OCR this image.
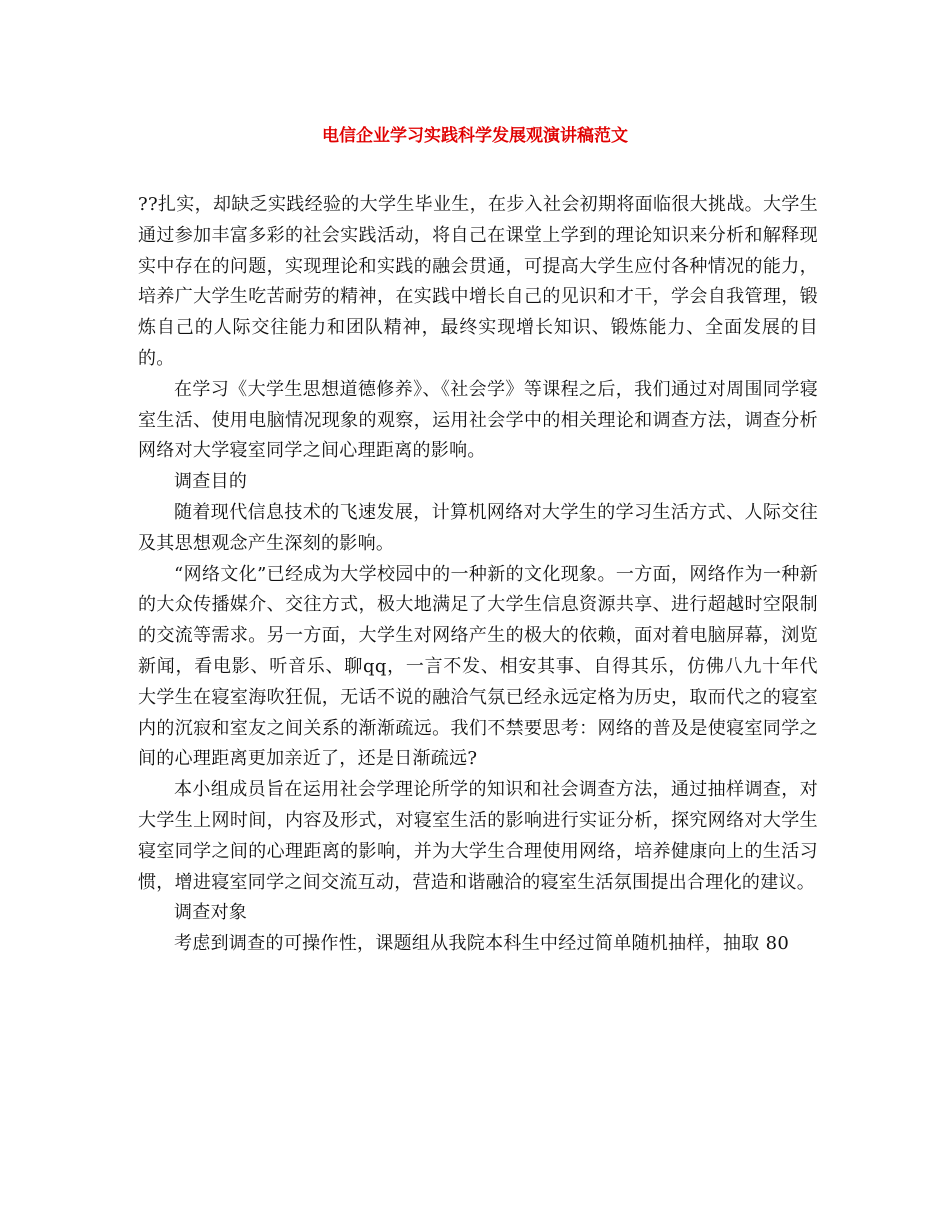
电信企业学习实践科学发展观演讲稿范文

??扎实，却缺乏实践经验的大学生毕业生，在步入社会初期将面临很大挑战。大学生通过参加丰富多彩的社会实践活动，将自己在课堂上学到的理论知识来分析和解释现实中存在的问题，实现理论和实践的融会贯通，可提高大学生应付各种情况的能力，培养广大学生吃苦耐劳的精神，在实践中增长自己的见识和才干，学会自我管理，锻炼自己的人际交往能力和团队精神，最终实现增长知识、锻炼能力、全面发展的目的。

在学习《大学生思想道德修养》、《社会学》等课程之后，我们通过对周围同学寝室生活、使用电脑情况现象的观察，运用社会学中的相关理论和调查方法，调查分析网络对大学寝室同学之间心理距离的影响。

调查目的

随着现代信息技术的飞速发展，计算机网络对大学生的学习生活方式、人际交往及其思想观念产生深刻的影响。

“网络文化”已经成为大学校园中的一种新的文化现象。一方面，网络作为一种新的大众传播媒介、交往方式，极大地满足了大学生信息资源共享、进行超越时空限制的交流等需求。另一方面，大学生对网络产生的极大的依赖，面对着电脑屏幕，浏览新闻，看电影、听音乐、聊qq，一言不发、相安其事、自得其乐，仿佛八九十年代大学生在寝室海吹狂侃，无话不说的融洽气氛已经永远定格为历史，取而代之的寝室内的沉寂和室友之间关系的渐渐疏远。我们不禁要思考：网络的普及是使寝室同学之间的心理距离更加亲近了，还是日渐疏远?

本小组成员旨在运用社会学理论所学的知识和社会调查方法，通过抽样调查，对大学生上网时间，内容及形式，对寝室生活的影响进行实证分析，探究网络对大学生寝室同学之间的心理距离的影响，并为大学生合理使用网络，培养健康向上的生活习惯，增进寝室同学之间交流互动，营造和谐融洽的寝室生活氛围提出合理化的建议。

调查对象

考虑到调查的可操作性，课题组从我院本科生中经过简单随机抽样，抽取 80
